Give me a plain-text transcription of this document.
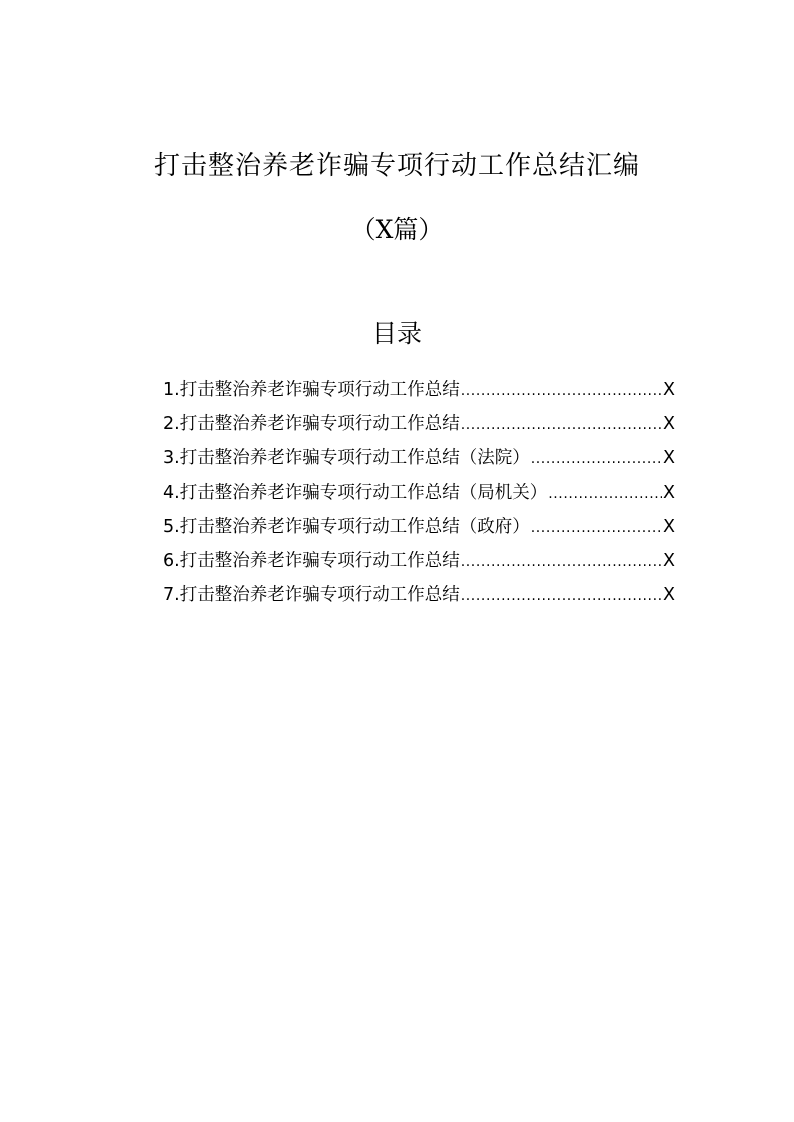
打击整治养老诈骗专项行动工作总结汇编
（X篇）
目录
1. 打击整治养老诈骗专项行动工作总结 .....	X
2. 打击整治养老诈骗专项行动工作总结 .....	X
3. 打击整治养老诈骗专项行动工作总结（法院） .....	X
4. 打击整治养老诈骗专项行动工作总结（局机关） .....	X
5. 打击整治养老诈骗专项行动工作总结（政府） .....	X
6. 打击整治养老诈骗专项行动工作总结 .....	X
7. 打击整治养老诈骗专项行动工作总结 .....	X
